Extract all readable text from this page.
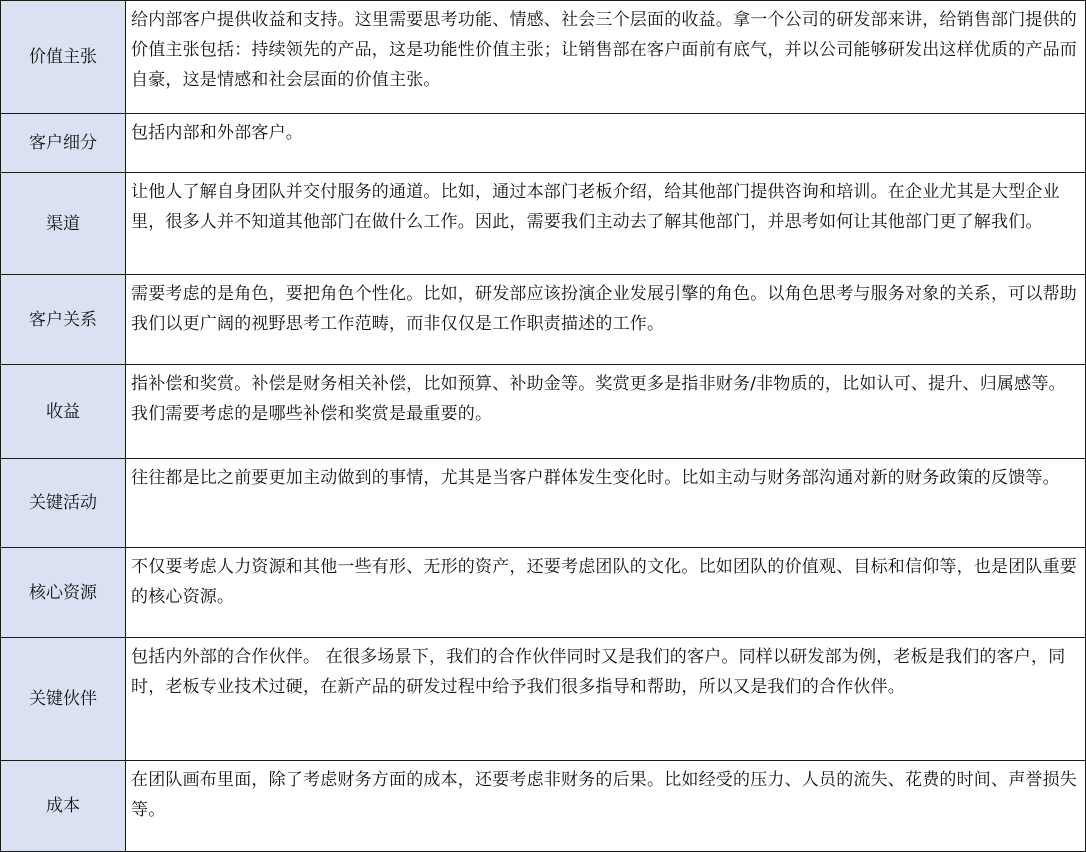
价值主张	给内部客户提供收益和支持。这里需要思考功能、情感、社会三个层面的收益。拿一个公司的研发部来讲，给销售部门提供的价值主张包括：持续领先的产品，这是功能性价值主张；让销售部在客户面前有底气，并以公司能够研发出这样优质的产品而自豪，这是情感和社会层面的价值主张。
客户细分	包括内部和外部客户。
渠道	让他人了解自身团队并交付服务的通道。比如，通过本部门老板介绍，给其他部门提供咨询和培训。在企业尤其是大型企业里，很多人并不知道其他部门在做什么工作。因此，需要我们主动去了解其他部门，并思考如何让其他部门更了解我们。
客户关系	需要考虑的是角色，要把角色个性化。比如，研发部应该扮演企业发展引擎的角色。以角色思考与服务对象的关系，可以帮助我们以更广阔的视野思考工作范畴，而非仅仅是工作职责描述的工作。
收益	指补偿和奖赏。补偿是财务相关补偿，比如预算、补助金等。奖赏更多是指非财务/非物质的，比如认可、提升、归属感等。我们需要考虑的是哪些补偿和奖赏是最重要的。
关键活动	往往都是比之前要更加主动做到的事情，尤其是当客户群体发生变化时。比如主动与财务部沟通对新的财务政策的反馈等。
核心资源	不仅要考虑人力资源和其他一些有形、无形的资产，还要考虑团队的文化。比如团队的价值观、目标和信仰等，也是团队重要的核心资源。
关键伙伴	包括内外部的合作伙伴。 在很多场景下，我们的合作伙伴同时又是我们的客户。同样以研发部为例，老板是我们的客户，同时，老板专业技术过硬，在新产品的研发过程中给予我们很多指导和帮助，所以又是我们的合作伙伴。
成本	在团队画布里面，除了考虑财务方面的成本，还要考虑非财务的后果。比如经受的压力、人员的流失、花费的时间、声誉损失等。
